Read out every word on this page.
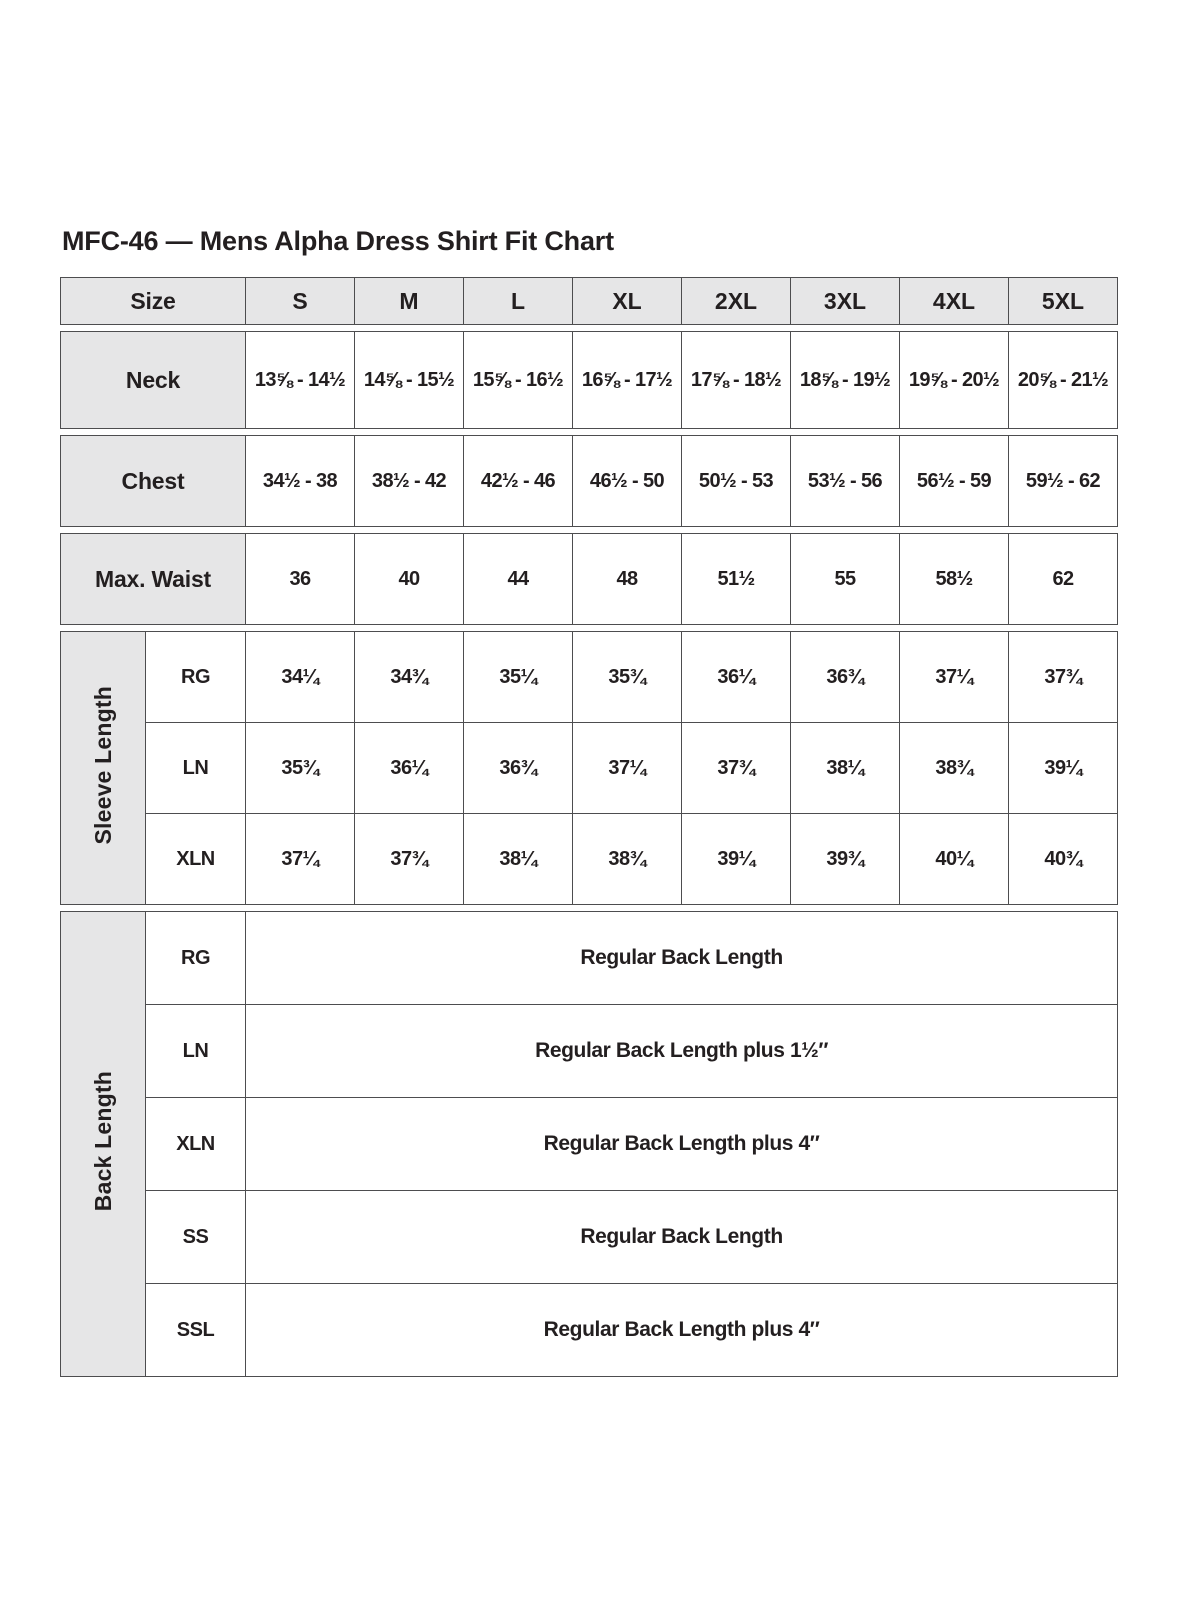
MFC-46 — Mens Alpha Dress Shirt Fit Chart
Size	S	M	L	XL	2XL	3XL	4XL	5XL
Neck	13⅝ - 14½	14⅝ - 15½	15⅝ - 16½	16⅝ - 17½	17⅝ - 18½	18⅝ - 19½	19⅝ - 20½	20⅝ - 21½
Chest	34½ - 38	38½ - 42	42½ - 46	46½ - 50	50½ - 53	53½ - 56	56½ - 59	59½ - 62
Max. Waist	36	40	44	48	51½	55	58½	62
Sleeve Length	RG	34¼	34¾	35¼	35¾	36¼	36¾	37¼	37¾
	LN	35¾	36¼	36¾	37¼	37¾	38¼	38¾	39¼
	XLN	37¼	37¾	38¼	38¾	39¼	39¾	40¼	40¾
Back Length	RG	Regular Back Length
	LN	Regular Back Length plus 1½″
	XLN	Regular Back Length plus 4″
	SS	Regular Back Length
	SSL	Regular Back Length plus 4″
